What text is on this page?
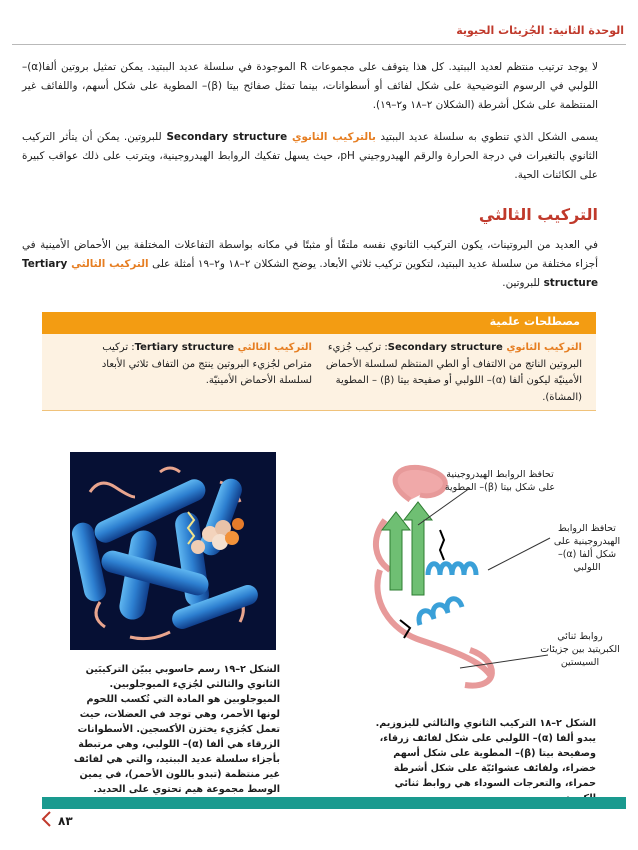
الوحدة الثانية: الجُزيئات الحيوية
لا يوجد ترتيب منتظم لعديد الببتيد. كل هذا يتوقف على مجموعات R الموجودة في سلسلة عديد الببتيد. يمكن تمثيل بروتين ألفا(α)– اللولبي في الرسوم التوضيحية على شكل لفائف أو أسطوانات، بينما تمثل صفائح بيتا (β)– المطوية على شكل أسهم، واللفائف غير المنتظمة على شكل أشرطة (الشكلان ٢–١٨ و٢–١٩).
يسمى الشكل الذي تنطوي به سلسلة عديد الببتيد بالتركيب الثانوي Secondary structure للبروتين. يمكن أن يتأثر التركيب الثانوي بالتغيرات في درجة الحرارة والرقم الهيدروجيني pH، حيث يسهل تفكيك الروابط الهيدروجينية، ويترتب على ذلك عواقب كبيرة على الكائنات الحية.
التركيب الثالثي
في العديد من البروتينات، يكون التركيب الثانوي نفسه ملتفًا أو مثبتًا في مكانه بواسطة التفاعلات المختلفة بين الأحماض الأمينية في أجزاء مختلفة من سلسلة عديد الببتيد، لتكوين تركيب ثلاثي الأبعاد. يوضح الشكلان ٢–١٨ و٢–١٩ أمثلة على التركيب الثالثي Tertiary structure للبروتين.
مصطلحات علمية
التركيب الثانوي Secondary structure: تركيب جُزيء البروتين الناتج من الالتفاف أو الطي المنتظم لسلسلة الأحماض الأمينيّة ليكون ألفا (α)– اللولبي أو صفيحة بيتا (β) – المطوية (المشاة).
التركيب الثالثي Tertiary structure: تركيب متراص لجُزيء البروتين ينتج من التفاف ثلاثي الأبعاد لسلسلة الأحماض الأمينيّة.
تحافظ الروابط الهيدروجينية على شكل بيتا (β)– المطوية
تحافظ الروابط الهيدروجينية على شكل ألفا (α)– اللولبي
روابط ثنائي الكبريتيد بين جزيئات السيستين
الشكل ٢–١٩ رسم حاسوبي يبيّن التركيبَين الثانوي والثالثي لجُزيء الميوجلوبين. الميوجلوبين هو المادة التي تُكسب اللحوم لونها الأحمر، وهي توجد في العضلات، حيث تعمل كجُزيء يختزن الأكسجين. الأسطوانات الزرقاء هي ألفا (α)– اللولبي، وهي مرتبطة بأجزاء سلسلة عديد الببتيد، والتي هي لفائف غير منتظمة (تبدو باللون الأحمر)، في يمين الوسط مجموعة هيم تحتوي على الحديد.
الشكل ٢–١٨ التركيب الثانوي والثالثي لليزوزيم. يبدو ألفا (α)– اللولبي على شكل لفائف زرقاء، وصفيحة بيتا (β)– المطوية على شكل أسهم خضراء، ولفائف عشوائيّة على شكل أشرطة حمراء، والتعرجات السوداء هي روابط ثنائي
٨٣
